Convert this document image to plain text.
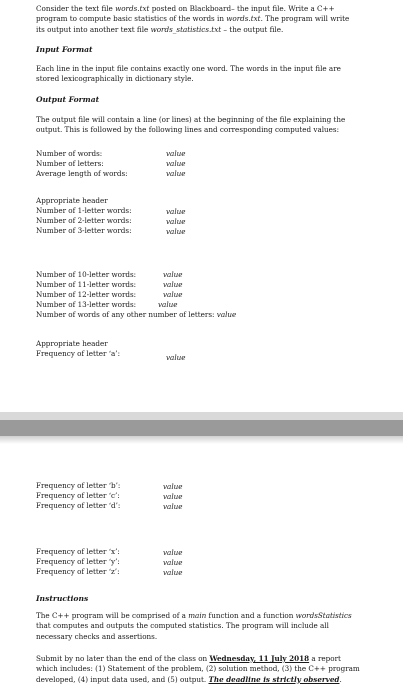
Consider the text file words.txt posted on Blackboard– the input file. Write a C++
program to compute basic statistics of the words in words.txt. The program will write
its output into another text file words_statistics.txt – the output file.
Input Format
Each line in the input file contains exactly one word. The words in the input file are
stored lexicographically in dictionary style.
Output Format
The output file will contain a line (or lines) at the beginning of the file explaining the
output. This is followed by the following lines and corresponding computed values:
Number of words:	value
Number of letters:	value
Average length of words:	value
Appropriate header
Number of 1-letter words:	value
Number of 2-letter words:	value
Number of 3-letter words:	value
Number of 10-letter words:	value
Number of 11-letter words:	value
Number of 12-letter words:	value
Number of 13-letter words:	value
Number of words of any other number of letters: value
Appropriate header
Frequency of letter ‘a’:	value
Frequency of letter ‘b’:	value
Frequency of letter ‘c’:	value
Frequency of letter ‘d’:	value
Frequency of letter ‘x’:	value
Frequency of letter ‘y’:	value
Frequency of letter ‘z’:	value
Instructions
The C++ program will be comprised of a main function and a function wordsStatistics
that computes and outputs the computed statistics. The program will include all
necessary checks and assertions.
Submit by no later than the end of the class on Wednesday, 11 July 2018 a report
which includes: (1) Statement of the problem, (2) solution method, (3) the C++ program
developed, (4) input data used, and (5) output. The deadline is strictly observed.
